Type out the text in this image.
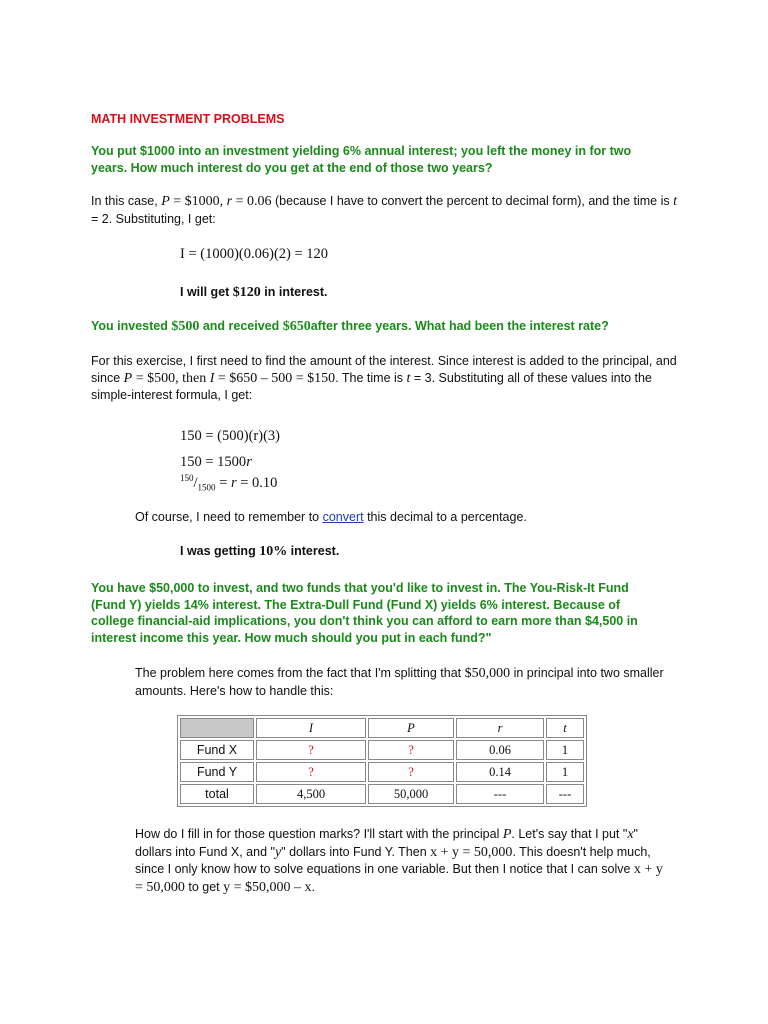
MATH INVESTMENT PROBLEMS

You put $1000 into an investment yielding 6% annual interest; you left the money in for two years. How much interest do you get at the end of those two years?

In this case, P = $1000, r = 0.06 (because I have to convert the percent to decimal form), and the time is t = 2. Substituting, I get:

I = (1000)(0.06)(2) = 120

I will get $120 in interest.

You invested $500 and received $650after three years. What had been the interest rate?

For this exercise, I first need to find the amount of the interest. Since interest is added to the principal, and since P = $500, then I = $650 – 500 = $150. The time is t = 3. Substituting all of these values into the simple-interest formula, I get:

150 = (500)(r)(3)

150 = 1500r

$^{150}/_{1500} = r = 0.10$

Of course, I need to remember to convert this decimal to a percentage.

I was getting 10% interest.

You have $50,000 to invest, and two funds that you'd like to invest in. The You-Risk-It Fund (Fund Y) yields 14% interest. The Extra-Dull Fund (Fund X) yields 6% interest. Because of college financial-aid implications, you don't think you can afford to earn more than $4,500 in interest income this year. How much should you put in each fund?"

The problem here comes from the fact that I'm splitting that $50,000 in principal into two smaller amounts. Here's how to handle this:

	I	P	r	t
Fund X	?	?	0.06	1
Fund Y	?	?	0.14	1
total	4,500	50,000	---	---

How do I fill in for those question marks? I'll start with the principal P. Let's say that I put "x" dollars into Fund X, and "y" dollars into Fund Y. Then x + y = 50,000. This doesn't help much, since I only know how to solve equations in one variable. But then I notice that I can solve x + y = 50,000 to get y = $50,000 – x.
